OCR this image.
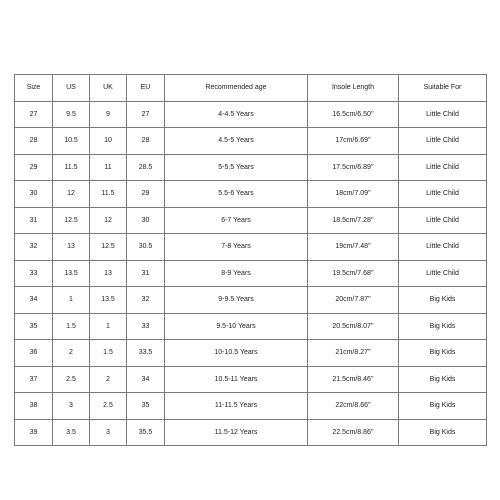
Size	US	UK	EU	Recommended age	Insole Length	Suitable For
27	9.5	9	27	4-4.5 Years	16.5cm/6.50''	Little Child
28	10.5	10	28	4.5-5 Years	17cm/6.69''	Little Child
29	11.5	11	28.5	5-5.5 Years	17.5cm/6.89''	Little Child
30	12	11.5	29	5.5-6 Years	18cm/7.09''	Little Child
31	12.5	12	30	6-7 Years	18.5cm/7.28''	Little Child
32	13	12.5	30.5	7-8 Years	19cm/7.48''	Little Child
33	13.5	13	31	8-9 Years	19.5cm/7.68''	Little Child
34	1	13.5	32	9-9.5 Years	20cm/7.87''	Big Kids
35	1.5	1	33	9.5-10 Years	20.5cm/8.07''	Big Kids
36	2	1.5	33.5	10-10.5 Years	21cm/8.27''	Big Kids
37	2.5	2	34	10.5-11 Years	21.5cm/8.46''	Big Kids
38	3	2.5	35	11-11.5 Years	22cm/8.66''	Big Kids
39	3.5	3	35.5	11.5-12 Years	22.5cm/8.86''	Big Kids
